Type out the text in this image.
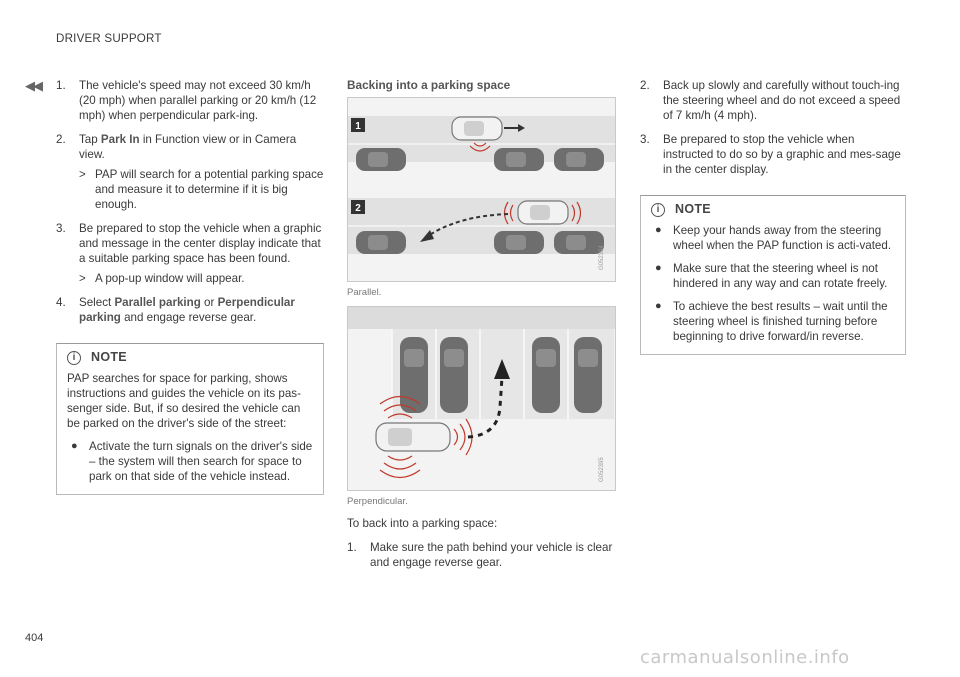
DRIVER SUPPORT
◀◀
404
carmanualsonline.info
1. The vehicle's speed may not exceed 30 km/h (20 mph) when parallel parking or 20 km/h (12 mph) when perpendicular park-ing.
2. Tap Park In in Function view or in Camera view.
> PAP will search for a potential parking space and measure it to determine if it is big enough.
3. Be prepared to stop the vehicle when a graphic and message in the center display indicate that a suitable parking space has been found.
> A pop-up window will appear.
4. Select Parallel parking or Perpendicular parking and engage reverse gear.
i	NOTE
PAP searches for space for parking, shows instructions and guides the vehicle on its pas-senger side. But, if so desired the vehicle can be parked on the driver's side of the street:
● Activate the turn signals on the driver's side – the system will then search for space to park on that side of the vehicle instead.
Backing into a parking space
1
2
G052394
Parallel.
G052395
Perpendicular.
To back into a parking space:
1. Make sure the path behind your vehicle is clear and engage reverse gear.
2. Back up slowly and carefully without touch-ing the steering wheel and do not exceed a speed of 7 km/h (4 mph).
3. Be prepared to stop the vehicle when instructed to do so by a graphic and mes-sage in the center display.
i	NOTE
● Keep your hands away from the steering wheel when the PAP function is acti-vated.
● Make sure that the steering wheel is not hindered in any way and can rotate freely.
● To achieve the best results – wait until the steering wheel is finished turning before beginning to drive forward/in reverse.
